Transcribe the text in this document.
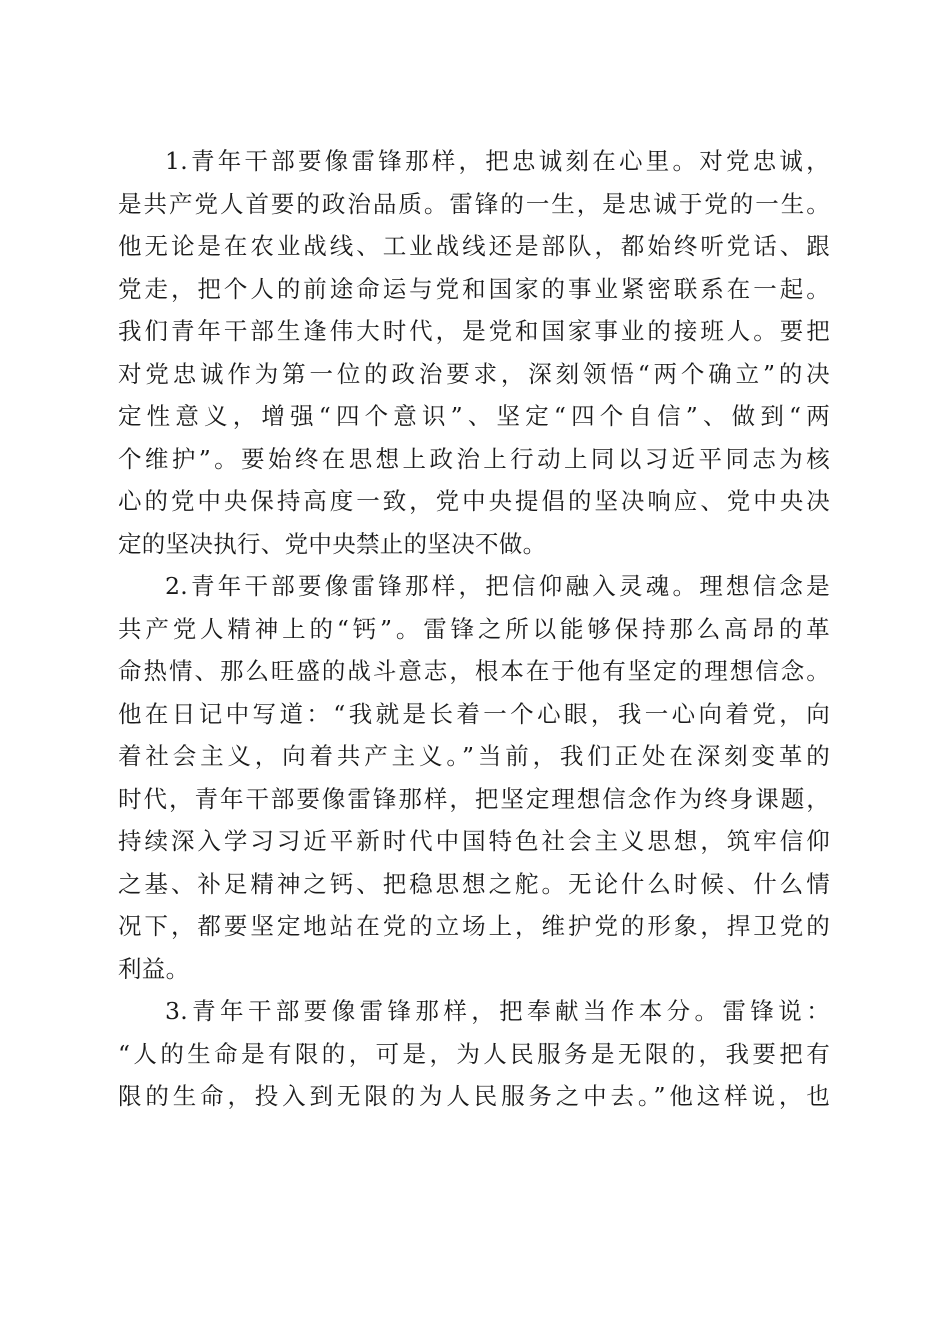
1.青年干部要像雷锋那样，把忠诚刻在心里。对党忠诚，
是共产党人首要的政治品质。雷锋的一生，是忠诚于党的一生。
他无论是在农业战线、工业战线还是部队，都始终听党话、跟
党走，把个人的前途命运与党和国家的事业紧密联系在一起。
我们青年干部生逢伟大时代，是党和国家事业的接班人。要把
对党忠诚作为第一位的政治要求，深刻领悟“两个确立”的决
定性意义，增强“四个意识”、坚定“四个自信”、做到“两
个维护”。要始终在思想上政治上行动上同以习近平同志为核
心的党中央保持高度一致，党中央提倡的坚决响应、党中央决
定的坚决执行、党中央禁止的坚决不做。
2.青年干部要像雷锋那样，把信仰融入灵魂。理想信念是
共产党人精神上的“钙”。雷锋之所以能够保持那么高昂的革
命热情、那么旺盛的战斗意志，根本在于他有坚定的理想信念。
他在日记中写道：“我就是长着一个心眼，我一心向着党，向
着社会主义，向着共产主义。”当前，我们正处在深刻变革的
时代，青年干部要像雷锋那样，把坚定理想信念作为终身课题，
持续深入学习习近平新时代中国特色社会主义思想，筑牢信仰
之基、补足精神之钙、把稳思想之舵。无论什么时候、什么情
况下，都要坚定地站在党的立场上，维护党的形象，捍卫党的
利益。
3.青年干部要像雷锋那样，把奉献当作本分。雷锋说：
“人的生命是有限的，可是，为人民服务是无限的，我要把有
限的生命，投入到无限的为人民服务之中去。”他这样说，也
